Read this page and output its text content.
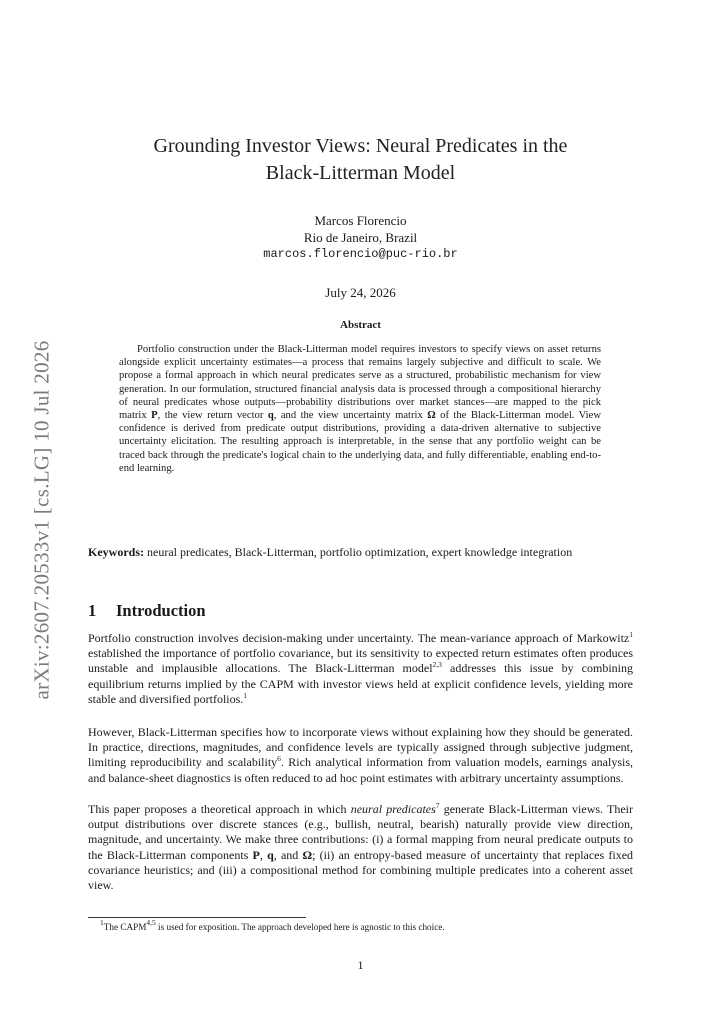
arXiv:2607.20533v1 [cs.LG] 10 Jul 2026
Grounding Investor Views: Neural Predicates in the
Black-Litterman Model
Marcos Florencio
Rio de Janeiro, Brazil
marcos.florencio@puc-rio.br
July 24, 2026
Abstract
Portfolio construction under the Black-Litterman model requires investors to specify views on asset returns alongside explicit uncertainty estimates—a process that remains largely subjective and difficult to scale. We propose a formal approach in which neural predicates serve as a structured, probabilistic mechanism for view generation. In our formulation, structured financial analysis data is processed through a compositional hierarchy of neural predicates whose outputs—probability distributions over market stances—are mapped to the pick matrix P, the view return vector q, and the view uncertainty matrix Ω of the Black-Litterman model. View confidence is derived from predicate output distributions, providing a data-driven alternative to subjective uncertainty elicitation. The resulting approach is interpretable, in the sense that any portfolio weight can be traced back through the predicate's logical chain to the underlying data, and fully differentiable, enabling end-to-end learning.
Keywords: neural predicates, Black-Litterman, portfolio optimization, expert knowledge integration
1 Introduction
Portfolio construction involves decision-making under uncertainty. The mean-variance approach of Markowitz$^1$ established the importance of portfolio covariance, but its sensitivity to expected return estimates often produces unstable and implausible allocations. The Black-Litterman model$^{2,3}$ addresses this issue by combining equilibrium returns implied by the CAPM with investor views held at explicit confidence levels, yielding more stable and diversified portfolios.$^1$
However, Black-Litterman specifies how to incorporate views without explaining how they should be generated. In practice, directions, magnitudes, and confidence levels are typically assigned through subjective judgment, limiting reproducibility and scalability$^6$. Rich analytical information from valuation models, earnings analysis, and balance-sheet diagnostics is often reduced to ad hoc point estimates with arbitrary uncertainty assumptions.
This paper proposes a theoretical approach in which neural predicates$^7$ generate Black-Litterman views. Their output distributions over discrete stances (e.g., bullish, neutral, bearish) naturally provide view direction, magnitude, and uncertainty. We make three contributions: (i) a formal mapping from neural predicate outputs to the Black-Litterman components P, q, and Ω; (ii) an entropy-based measure of uncertainty that replaces fixed covariance heuristics; and (iii) a compositional method for combining multiple predicates into a coherent asset view.
$^1$The CAPM$^{4,5}$ is used for exposition. The approach developed here is agnostic to this choice.
1
